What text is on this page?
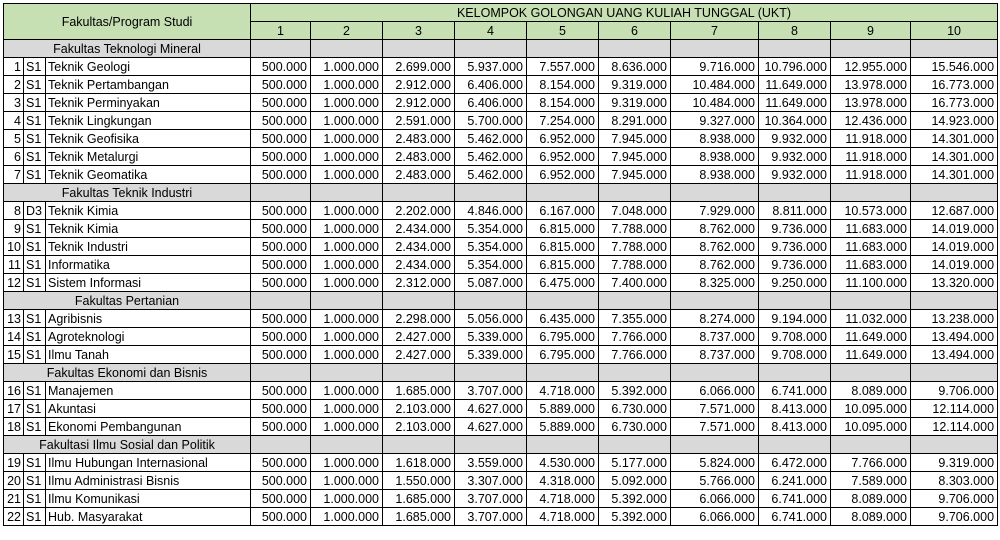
Fakultas/Program Studi			KELOMPOK GOLONGAN UANG KULIAH TUNGGAL (UKT)									
			1	2	3	4	5	6	7	8	9	10
Fakultas Teknologi Mineral												
1	S1	Teknik Geologi	500.000	1.000.000	2.699.000	5.937.000	7.557.000	8.636.000	9.716.000	10.796.000	12.955.000	15.546.000
2	S1	Teknik Pertambangan	500.000	1.000.000	2.912.000	6.406.000	8.154.000	9.319.000	10.484.000	11.649.000	13.978.000	16.773.000
3	S1	Teknik Perminyakan	500.000	1.000.000	2.912.000	6.406.000	8.154.000	9.319.000	10.484.000	11.649.000	13.978.000	16.773.000
4	S1	Teknik Lingkungan	500.000	1.000.000	2.591.000	5.700.000	7.254.000	8.291.000	9.327.000	10.364.000	12.436.000	14.923.000
5	S1	Teknik Geofisika	500.000	1.000.000	2.483.000	5.462.000	6.952.000	7.945.000	8.938.000	9.932.000	11.918.000	14.301.000
6	S1	Teknik Metalurgi	500.000	1.000.000	2.483.000	5.462.000	6.952.000	7.945.000	8.938.000	9.932.000	11.918.000	14.301.000
7	S1	Teknik Geomatika	500.000	1.000.000	2.483.000	5.462.000	6.952.000	7.945.000	8.938.000	9.932.000	11.918.000	14.301.000
Fakultas Teknik Industri												
8	D3	Teknik Kimia	500.000	1.000.000	2.202.000	4.846.000	6.167.000	7.048.000	7.929.000	8.811.000	10.573.000	12.687.000
9	S1	Teknik Kimia	500.000	1.000.000	2.434.000	5.354.000	6.815.000	7.788.000	8.762.000	9.736.000	11.683.000	14.019.000
10	S1	Teknik Industri	500.000	1.000.000	2.434.000	5.354.000	6.815.000	7.788.000	8.762.000	9.736.000	11.683.000	14.019.000
11	S1	Informatika	500.000	1.000.000	2.434.000	5.354.000	6.815.000	7.788.000	8.762.000	9.736.000	11.683.000	14.019.000
12	S1	Sistem Informasi	500.000	1.000.000	2.312.000	5.087.000	6.475.000	7.400.000	8.325.000	9.250.000	11.100.000	13.320.000
Fakultas Pertanian												
13	S1	Agribisnis	500.000	1.000.000	2.298.000	5.056.000	6.435.000	7.355.000	8.274.000	9.194.000	11.032.000	13.238.000
14	S1	Agroteknologi	500.000	1.000.000	2.427.000	5.339.000	6.795.000	7.766.000	8.737.000	9.708.000	11.649.000	13.494.000
15	S1	Ilmu Tanah	500.000	1.000.000	2.427.000	5.339.000	6.795.000	7.766.000	8.737.000	9.708.000	11.649.000	13.494.000
Fakultas Ekonomi dan Bisnis												
16	S1	Manajemen	500.000	1.000.000	1.685.000	3.707.000	4.718.000	5.392.000	6.066.000	6.741.000	8.089.000	9.706.000
17	S1	Akuntasi	500.000	1.000.000	2.103.000	4.627.000	5.889.000	6.730.000	7.571.000	8.413.000	10.095.000	12.114.000
18	S1	Ekonomi Pembangunan	500.000	1.000.000	2.103.000	4.627.000	5.889.000	6.730.000	7.571.000	8.413.000	10.095.000	12.114.000
Fakultasi Ilmu Sosial dan Politik												
19	S1	Ilmu Hubungan Internasional	500.000	1.000.000	1.618.000	3.559.000	4.530.000	5.177.000	5.824.000	6.472.000	7.766.000	9.319.000
20	S1	Ilmu Administrasi Bisnis	500.000	1.000.000	1.550.000	3.307.000	4.318.000	5.092.000	5.766.000	6.241.000	7.589.000	8.303.000
21	S1	Ilmu Komunikasi	500.000	1.000.000	1.685.000	3.707.000	4.718.000	5.392.000	6.066.000	6.741.000	8.089.000	9.706.000
22	S1	Hub. Masyarakat	500.000	1.000.000	1.685.000	3.707.000	4.718.000	5.392.000	6.066.000	6.741.000	8.089.000	9.706.000
